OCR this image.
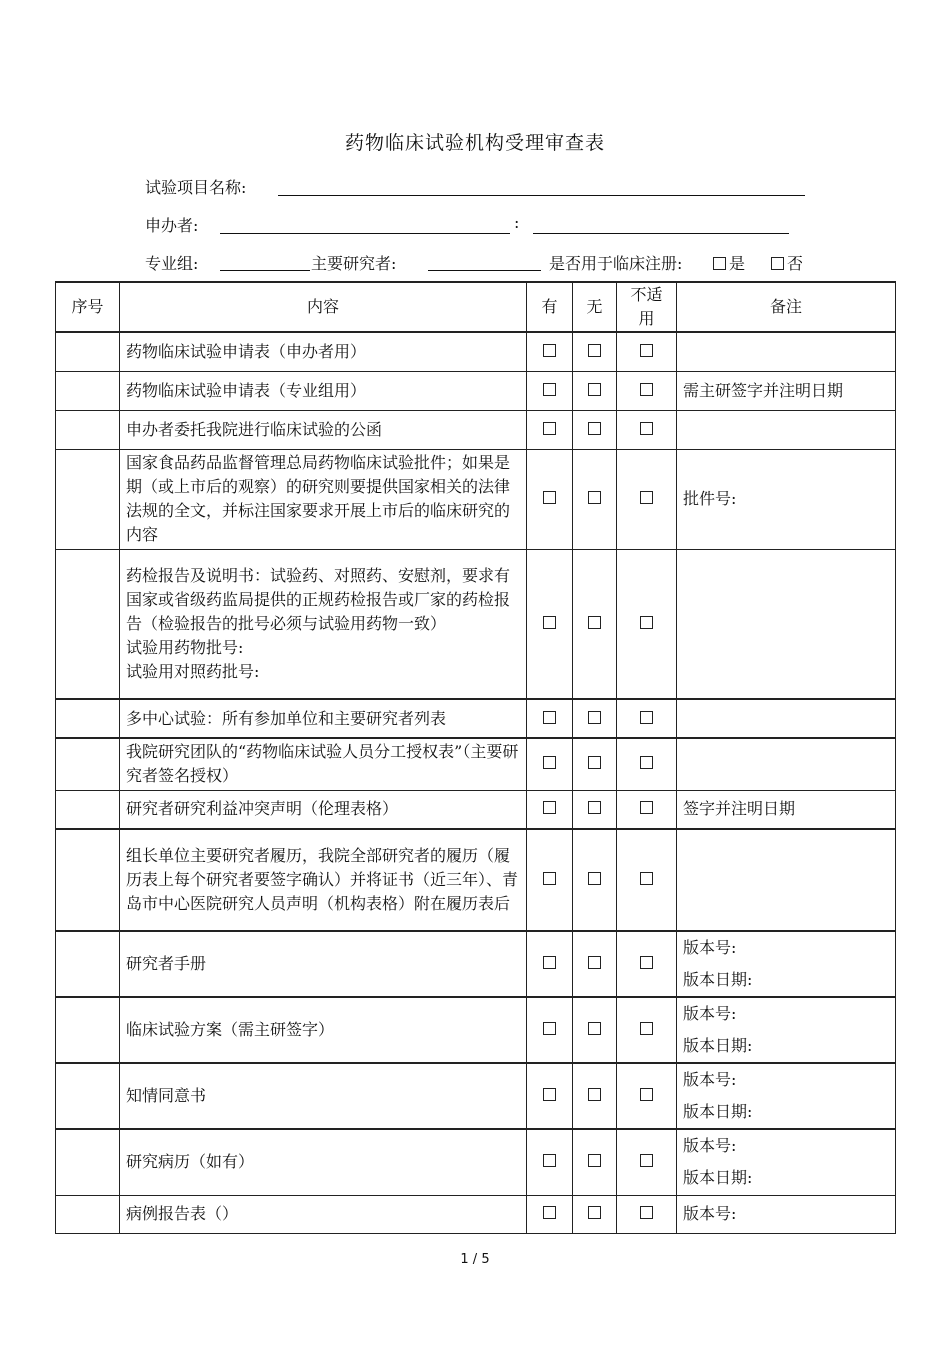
药物临床试验机构受理审查表
试验项目名称:
申办者:	:
专业组:	主要研究者:	是否用于临床注册:	是	否
序号	内容	有	无	不适用	备注

	药物临床试验申请表（申办者用）				

	药物临床试验申请表（专业组用）				需主研签字并注明日期

	申办者委托我院进行临床试验的公函				

	国家食品药品监督管理总局药物临床试验批件；如果是期（或上市后的观察）的研究则要提供国家相关的法律法规的全文，并标注国家要求开展上市后的临床研究的内容				批件号:

	药检报告及说明书：试验药、对照药、安慰剂，要求有国家或省级药监局提供的正规药检报告或厂家的药检报告（检验报告的批号必须与试验用药物一致）
试验用药物批号:
试验用对照药批号:				

	多中心试验：所有参加单位和主要研究者列表				

	我院研究团队的“药物临床试验人员分工授权表”（主要研究者签名授权）				

	研究者研究利益冲突声明（伦理表格）				签字并注明日期

	组长单位主要研究者履历，我院全部研究者的履历（履历表上每个研究者要签字确认）并将证书（近三年）、青岛市中心医院研究人员声明（机构表格）附在履历表后				

	研究者手册				版本号:
版本日期:

	临床试验方案（需主研签字）				版本号:
版本日期:

	知情同意书				版本号:
版本日期:

	研究病历（如有）				版本号:
版本日期:

	病例报告表（）				版本号:
1 / 5
